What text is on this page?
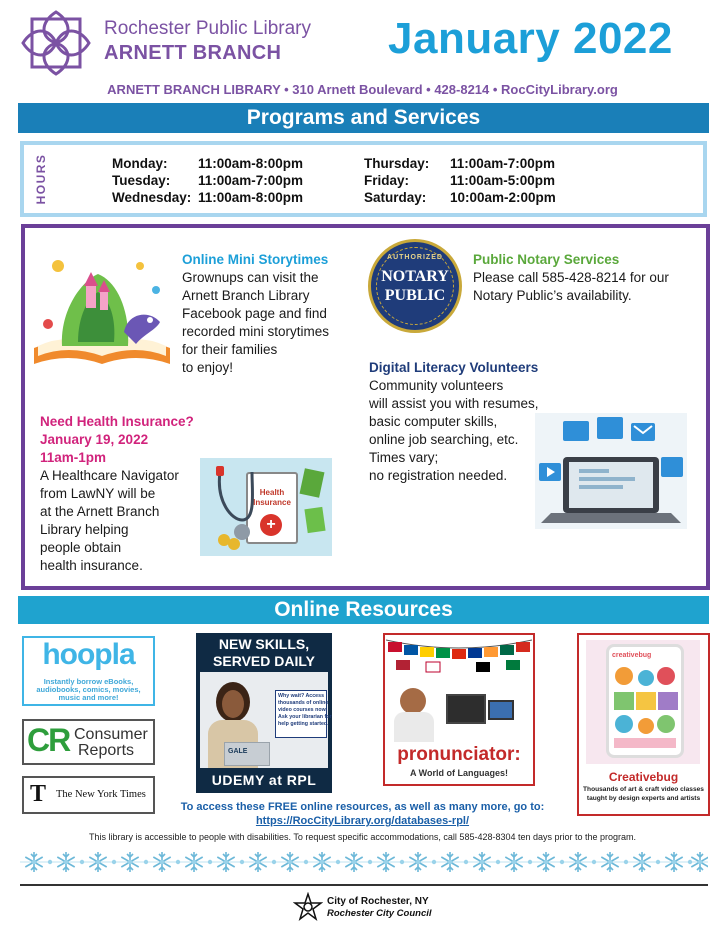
Rochester Public Library
ARNETT BRANCH January 2022
ARNETT BRANCH LIBRARY • 310 Arnett Boulevard • 428-8214 • RocCityLibrary.org
Programs and Services
HOURS	Monday: 11:00am-8:00pm
Tuesday: 11:00am-7:00pm
Wednesday: 11:00am-8:00pm
Thursday: 11:00am-7:00pm
Friday:	11:00am-5:00pm
Saturday: 10:00am-2:00pm
Online Mini Storytimes
Grownups can visit the
Arnett Branch Library
Facebook page and find
recorded mini storytimes
for their families
to enjoy!
AUTHORIZED
NOTARY
PUBLIC
Public Notary Services
Please call 585-428-8214 for our
Notary Public’s availability.
Digital Literacy Volunteers
Community volunteers
will assist you with resumes,
basic computer skills,
online job searching, etc.
Times vary;
no registration needed.
Need Health Insurance?
January 19, 2022
11am-1pm
A Healthcare Navigator
from LawNY will be
at the Arnett Branch
Library helping
people obtain
health insurance.
Health
Insurance
+
Online Resources
hoopla
Instantly borrow eBooks,
audiobooks, comics, movies,
music and more!
CR Consumer
Reports
T The New York Times
NEW SKILLS,
SERVED DAILY
GALE
Why wait? Access
thousands of online
video courses now.
Ask your librarian for
help getting started.
UDEMY at RPL
pronunciator:
A World of Languages!
creativebug
Creativebug
Thousands of art & craft video classes
taught by design experts and artists
To access these FREE online resources, as well as many more, go to:
https://RocCityLibrary.org/databases-rpl/
This library is accessible to people with disabilities. To request specific accommodations, call 585-428-8304 ten days prior to the program.
City of Rochester, NY
Rochester City Council
